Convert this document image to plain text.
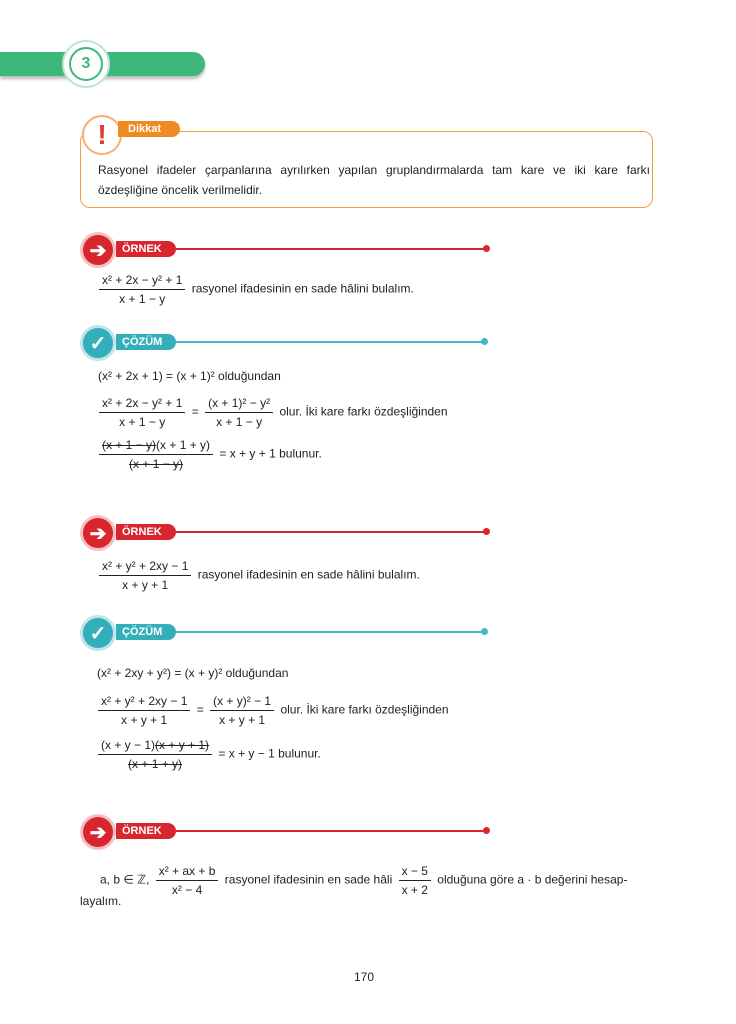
3
!	Dikkat
Rasyonel ifadeler çarpanlarına ayrılırken yapılan gruplandırmalarda tam kare ve iki kare farkı özdeşliğine öncelik verilmelidir.
➔	ÖRNEK
$\frac{\text{x² + 2x − y² + 1}}{x + 1 - y}$ rasyonel ifadesinin en sade hâlini bulalım.
✓	ÇÖZÜM
(x² + 2x + 1) = (x + 1)² olduğundan
$\frac{\text{x² + 2x − y² + 1}}{x + 1 - y} = \frac{\text{(x + 1)² − y²}}{x + 1 - y}$ olur. İki kare farkı özdeşliğinden
$\frac{(x + 1 - y)(x + 1 + y)}{(x + 1 - y)} = x + y + 1$ bulunur.
➔	ÖRNEK
$\frac{\text{x² + y² + 2xy − 1}}{x + y + 1}$ rasyonel ifadesinin en sade hâlini bulalım.
✓	ÇÖZÜM
(x² + 2xy + y²) = (x + y)² olduğundan
$\frac{\text{x² + y² + 2xy − 1}}{x + y + 1} = \frac{\text{(x + y)² − 1}}{x + y + 1}$ olur. İki kare farkı özdeşliğinden
$\frac{(x + y - 1)(x + y + 1)}{(x + 1 + y)} = x + y - 1$ bulunur.
➔	ÖRNEK
a, b ∈ ℤ, $\frac{\text{x² + ax + b}}{\text{x² − 4}}$ rasyonel ifadesinin en sade hâli $\frac{x - 5}{x + 2}$ olduğuna göre a · b değerini hesap-
layalım.
170
